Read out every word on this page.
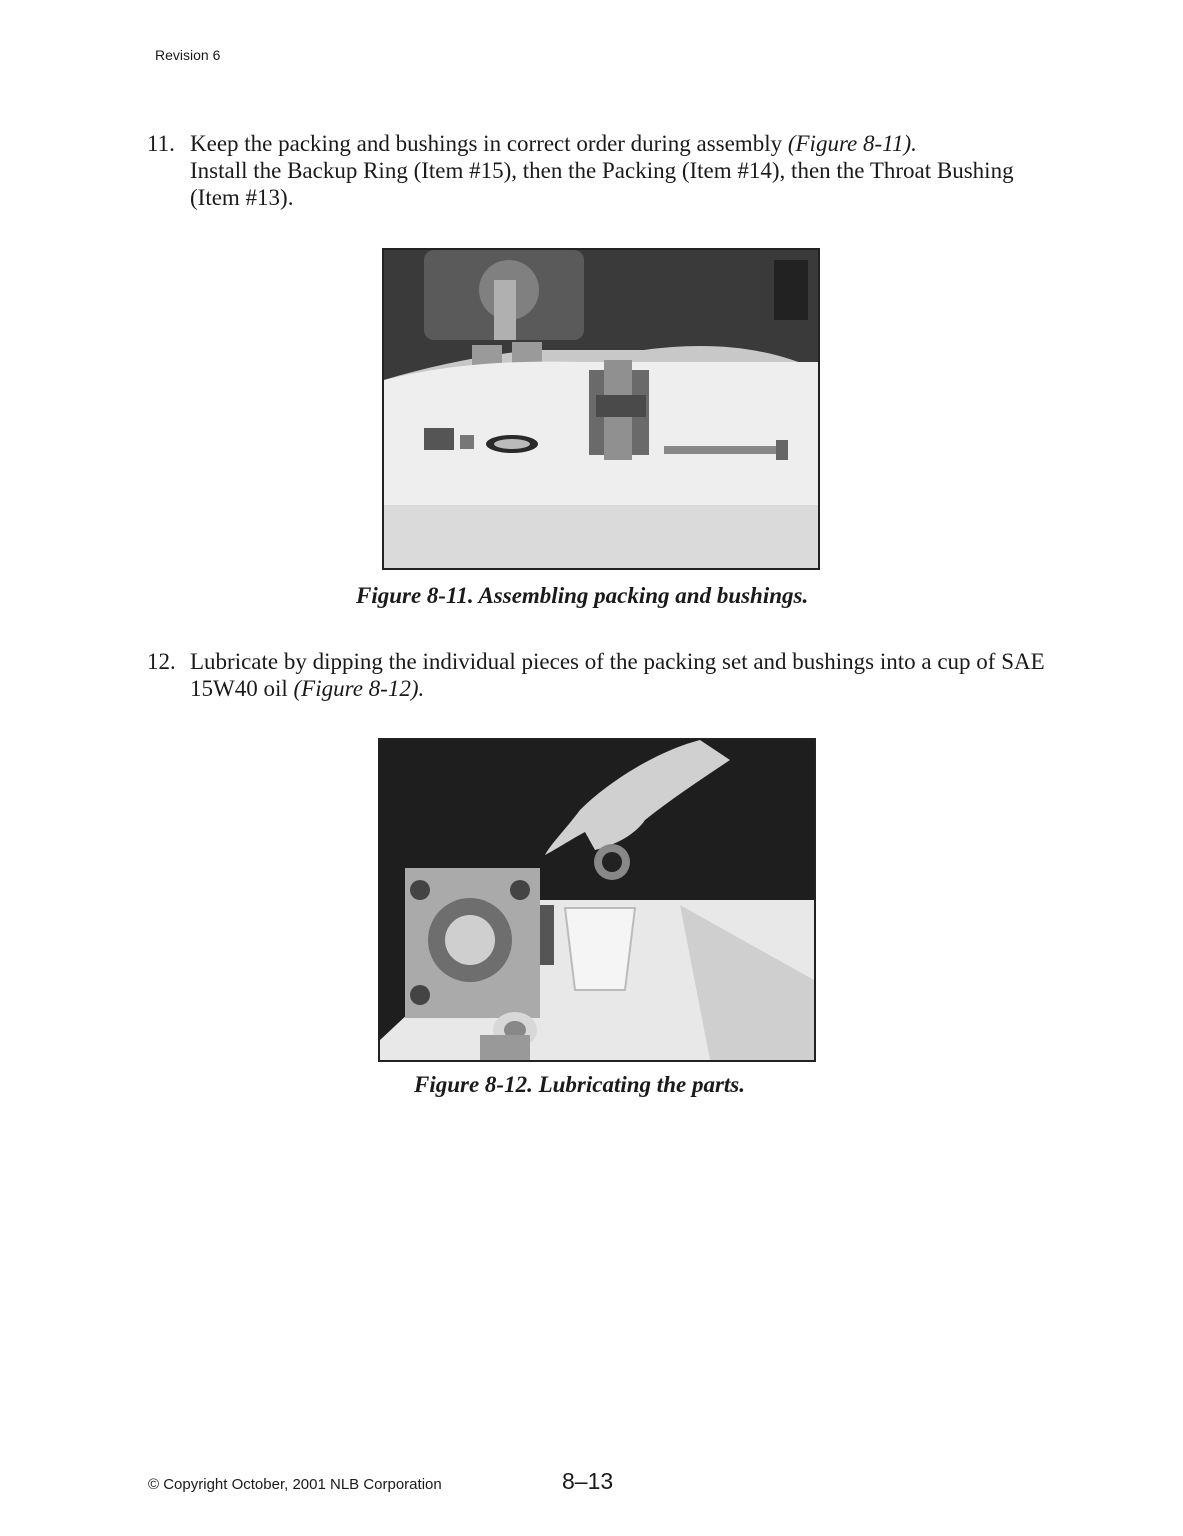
Revision 6
11. Keep the packing and bushings in correct order during assembly (Figure 8-11).
Install the Backup Ring (Item #15), then the Packing (Item #14), then the Throat Bushing (Item #13).
Figure 8-11. Assembling packing and bushings.
12. Lubricate by dipping the individual pieces of the packing set and bushings into a cup of SAE 15W40 oil (Figure 8-12).
Figure 8-12. Lubricating the parts.
© Copyright October, 2001 NLB Corporation	8–13
